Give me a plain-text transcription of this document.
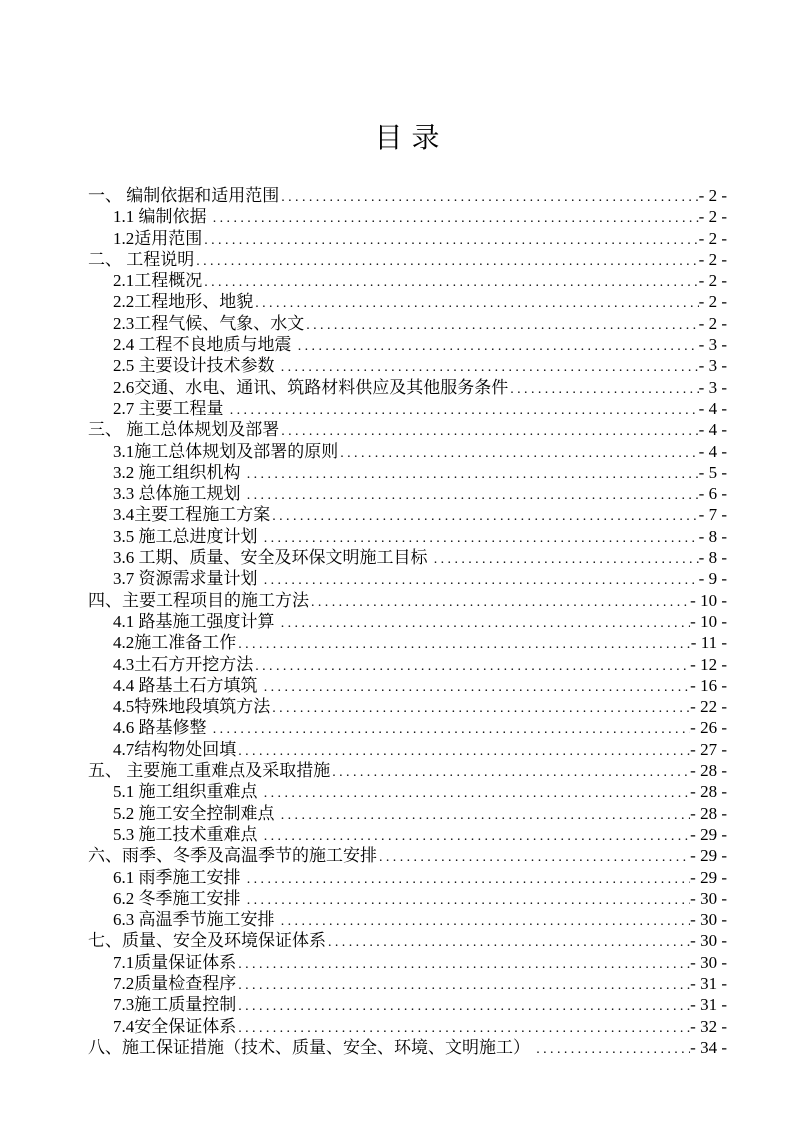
目 录
一、 编制依据和适用范围 .....	- 2 -
1.1 编制依据 .....	- 2 -
1.2适用范围 .....	- 2 -
二、 工程说明 .....	- 2 -
2.1工程概况 .....	- 2 -
2.2工程地形、地貌 .....	- 2 -
2.3工程气候、气象、水文 .....	- 2 -
2.4 工程不良地质与地震 .....	- 3 -
2.5 主要设计技术参数 .....	- 3 -
2.6交通、水电、通讯、筑路材料供应及其他服务条件 .....	- 3 -
2.7 主要工程量 .....	- 4 -
三、 施工总体规划及部署 .....	- 4 -
3.1施工总体规划及部署的原则 .....	- 4 -
3.2 施工组织机构 .....	- 5 -
3.3 总体施工规划 .....	- 6 -
3.4主要工程施工方案 .....	- 7 -
3.5 施工总进度计划 .....	- 8 -
3.6 工期、质量、安全及环保文明施工目标 .....	- 8 -
3.7 资源需求量计划 .....	- 9 -
四、主要工程项目的施工方法 .....	- 10 -
4.1 路基施工强度计算 .....	- 10 -
4.2施工准备工作 .....	- 11 -
4.3土石方开挖方法 .....	- 12 -
4.4 路基土石方填筑 .....	- 16 -
4.5特殊地段填筑方法 .....	- 22 -
4.6 路基修整 .....	- 26 -
4.7结构物处回填 .....	- 27 -
五、 主要施工重难点及采取措施 .....	- 28 -
5.1 施工组织重难点 .....	- 28 -
5.2 施工安全控制难点 .....	- 28 -
5.3 施工技术重难点 .....	- 29 -
六、雨季、冬季及高温季节的施工安排 .....	- 29 -
6.1 雨季施工安排 .....	- 29 -
6.2 冬季施工安排 .....	- 30 -
6.3 高温季节施工安排 .....	- 30 -
七、质量、安全及环境保证体系 .....	- 30 -
7.1质量保证体系 .....	- 30 -
7.2质量检查程序 .....	- 31 -
7.3施工质量控制 .....	- 31 -
7.4安全保证体系 .....	- 32 -
八、施工保证措施（技术、质量、安全、环境、文明施工） .....	- 34 -
